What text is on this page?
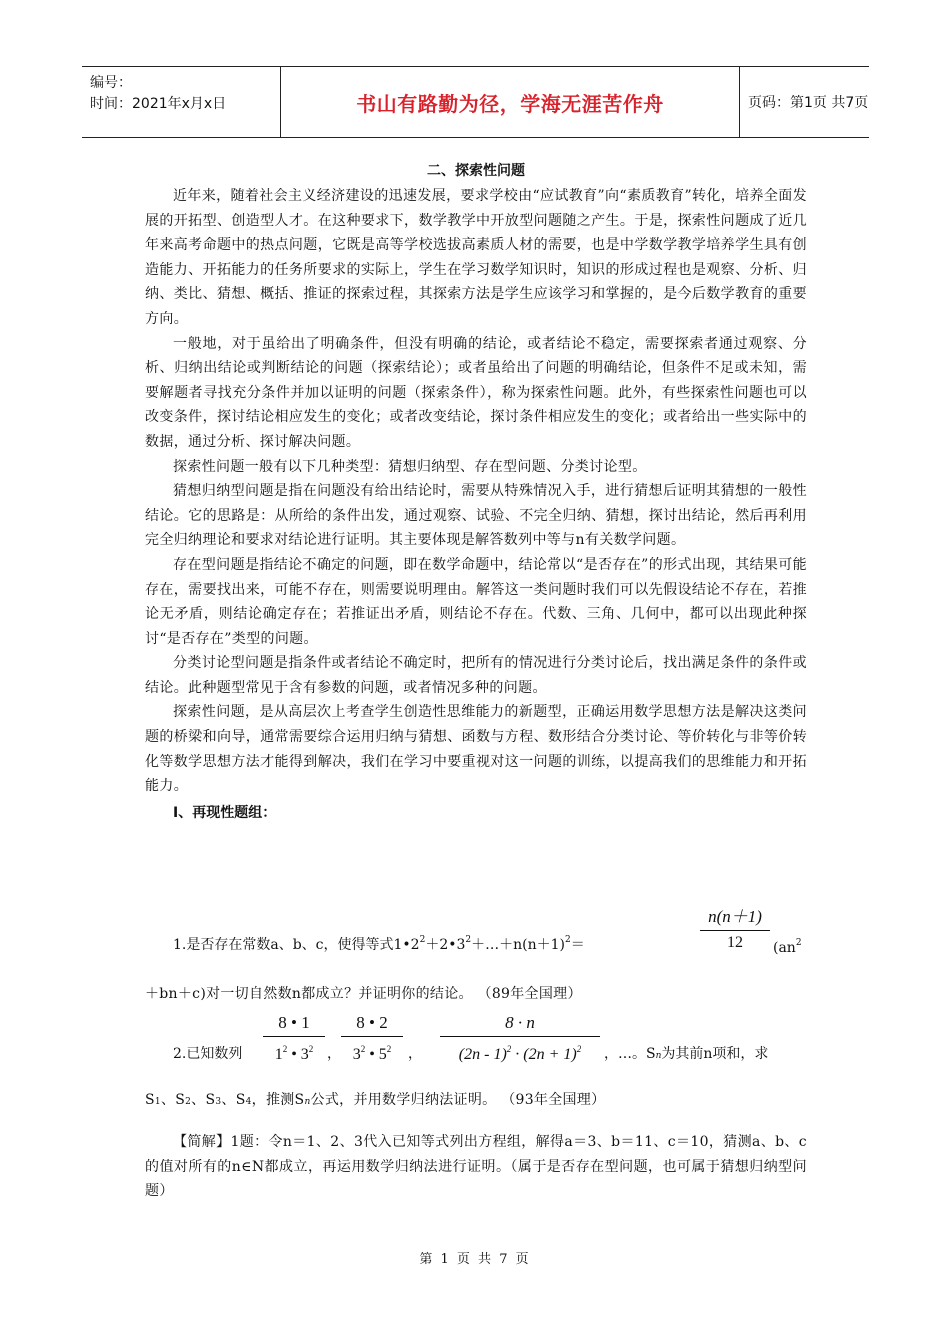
编号：
时间：2021年x月x日	书山有路勤为径，学海无涯苦作舟	页码：第1页 共7页
二、探索性问题

近年来，随着社会主义经济建设的迅速发展，要求学校由“应试教育”向“素质教育”转化，培养全面发展的开拓型、创造型人才。在这种要求下，数学教学中开放型问题随之产生。于是，探索性问题成了近几年来高考命题中的热点问题，它既是高等学校选拔高素质人材的需要，也是中学数学教学培养学生具有创造能力、开拓能力的任务所要求的实际上，学生在学习数学知识时，知识的形成过程也是观察、分析、归纳、类比、猜想、概括、推证的探索过程，其探索方法是学生应该学习和掌握的，是今后数学教育的重要方向。

一般地，对于虽给出了明确条件，但没有明确的结论，或者结论不稳定，需要探索者通过观察、分析、归纳出结论或判断结论的问题（探索结论）；或者虽给出了问题的明确结论，但条件不足或未知，需要解题者寻找充分条件并加以证明的问题（探索条件），称为探索性问题。此外，有些探索性问题也可以改变条件，探讨结论相应发生的变化；或者改变结论，探讨条件相应发生的变化；或者给出一些实际中的数据，通过分析、探讨解决问题。

探索性问题一般有以下几种类型：猜想归纳型、存在型问题、分类讨论型。

猜想归纳型问题是指在问题没有给出结论时，需要从特殊情况入手，进行猜想后证明其猜想的一般性结论。它的思路是：从所给的条件出发，通过观察、试验、不完全归纳、猜想，探讨出结论，然后再利用完全归纳理论和要求对结论进行证明。其主要体现是解答数列中等与n有关数学问题。

存在型问题是指结论不确定的问题，即在数学命题中，结论常以“是否存在”的形式出现，其结果可能存在，需要找出来，可能不存在，则需要说明理由。解答这一类问题时我们可以先假设结论不存在，若推论无矛盾，则结论确定存在；若推证出矛盾，则结论不存在。代数、三角、几何中，都可以出现此种探讨“是否存在”类型的问题。

分类讨论型问题是指条件或者结论不确定时，把所有的情况进行分类讨论后，找出满足条件的条件或结论。此种题型常见于含有参数的问题，或者情况多种的问题。

探索性问题，是从高层次上考查学生创造性思维能力的新题型，正确运用数学思想方法是解决这类问题的桥梁和向导，通常需要综合运用归纳与猜想、函数与方程、数形结合分类讨论、等价转化与非等价转化等数学思想方法才能得到解决，我们在学习中要重视对这一问题的训练，以提高我们的思维能力和开拓能力。

Ⅰ、再现性题组：
n(n＋1)
12
1.是否存在常数a、b、c，使得等式$1•2^2+2•3^2+\dots+n(n+1)^2=$	($an^2$
＋bn＋c)对一切自然数n都成立？并证明你的结论。 （89年全国理）
8 • 1
$1^2$ • $3^2$
8 • 2
$3^2$ • $5^2$
8 · n
$(2n - 1)^2 \cdot (2n + 1)^2$
2.已知数列	，	，	，…。Sn为其前n项和，求
S1、S2、S3、S4，推测Sn公式，并用数学归纳法证明。 （93年全国理）

【简解】1题：令n＝1、2、3代入已知等式列出方程组，解得a＝3、b＝11、c＝10，猜测a、b、c的值对所有的n∈N都成立，再运用数学归纳法进行证明。（属于是否存在型问题，也可属于猜想归纳型问题）

第 1 页 共 7 页
